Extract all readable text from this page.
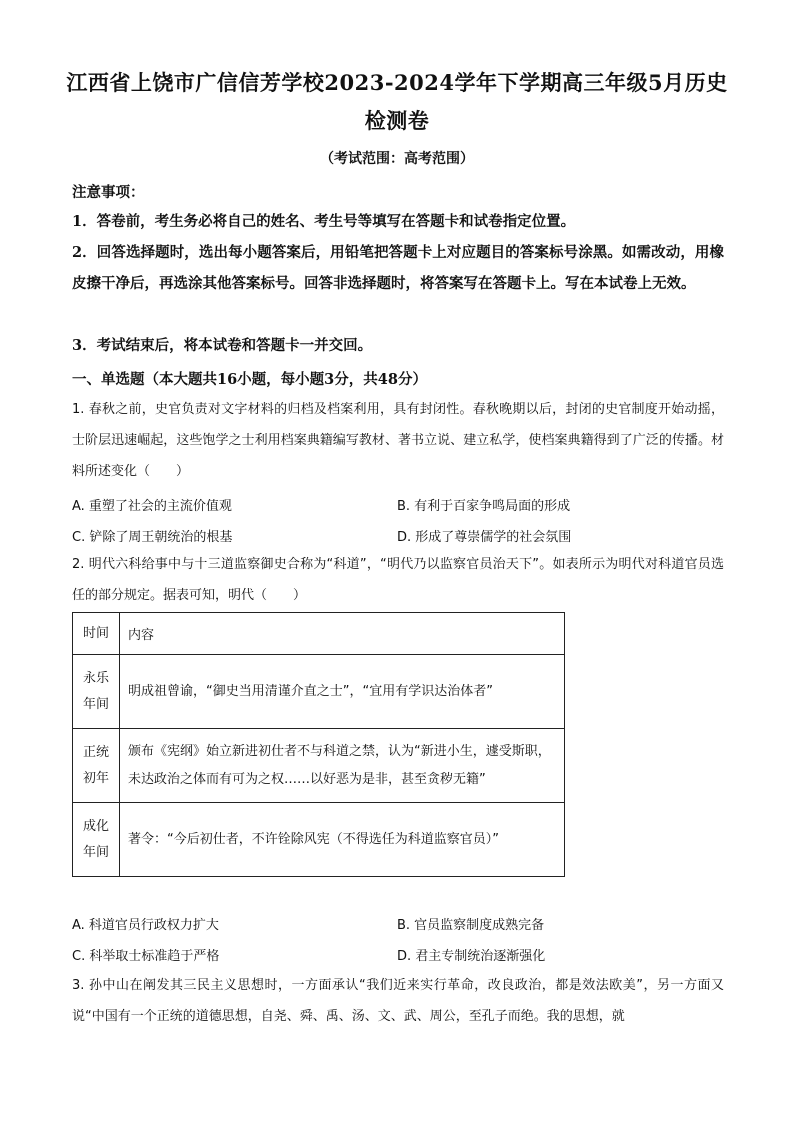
江西省上饶市广信信芳学校2023-2024学年下学期高三年级5月历史检测卷
（考试范围：高考范围）
注意事项：
1．答卷前，考生务必将自己的姓名、考生号等填写在答题卡和试卷指定位置。
2．回答选择题时，选出每小题答案后，用铅笔把答题卡上对应题目的答案标号涂黑。如需改动，用橡皮擦干净后，再选涂其他答案标号。回答非选择题时，将答案写在答题卡上。写在本试卷上无效。
3．考试结束后，将本试卷和答题卡一并交回。
一、单选题（本大题共16小题，每小题3分，共48分）
1. 春秋之前，史官负责对文字材料的归档及档案利用，具有封闭性。春秋晚期以后，封闭的史官制度开始动摇，士阶层迅速崛起，这些饱学之士利用档案典籍编写教材、著书立说、建立私学，使档案典籍得到了广泛的传播。材料所述变化（　　）
A. 重塑了社会的主流价值观	B. 有利于百家争鸣局面的形成
C. 铲除了周王朝统治的根基	D. 形成了尊崇儒学的社会氛围
2. 明代六科给事中与十三道监察御史合称为“科道”，“明代乃以监察官员治天下”。如表所示为明代对科道官员选任的部分规定。据表可知，明代（　　）
时间	内容
永乐年间	明成祖曾谕，“御史当用清谨介直之士”，“宜用有学识达治体者”
正统初年	颁布《宪纲》始立新进初仕者不与科道之禁，认为“新进小生，遽受斯职，未达政治之体而有可为之权……以好恶为是非，甚至贪秽无籍”
成化年间	著令：“今后初仕者，不许铨除风宪（不得选任为科道监察官员）”
A. 科道官员行政权力扩大	B. 官员监察制度成熟完备
C. 科举取士标准趋于严格	D. 君主专制统治逐渐强化
3. 孙中山在阐发其三民主义思想时，一方面承认“我们近来实行革命，改良政治，都是效法欧美”，另一方面又说“中国有一个正统的道德思想，自尧、舜、禹、汤、文、武、周公，至孔子而绝。我的思想，就
